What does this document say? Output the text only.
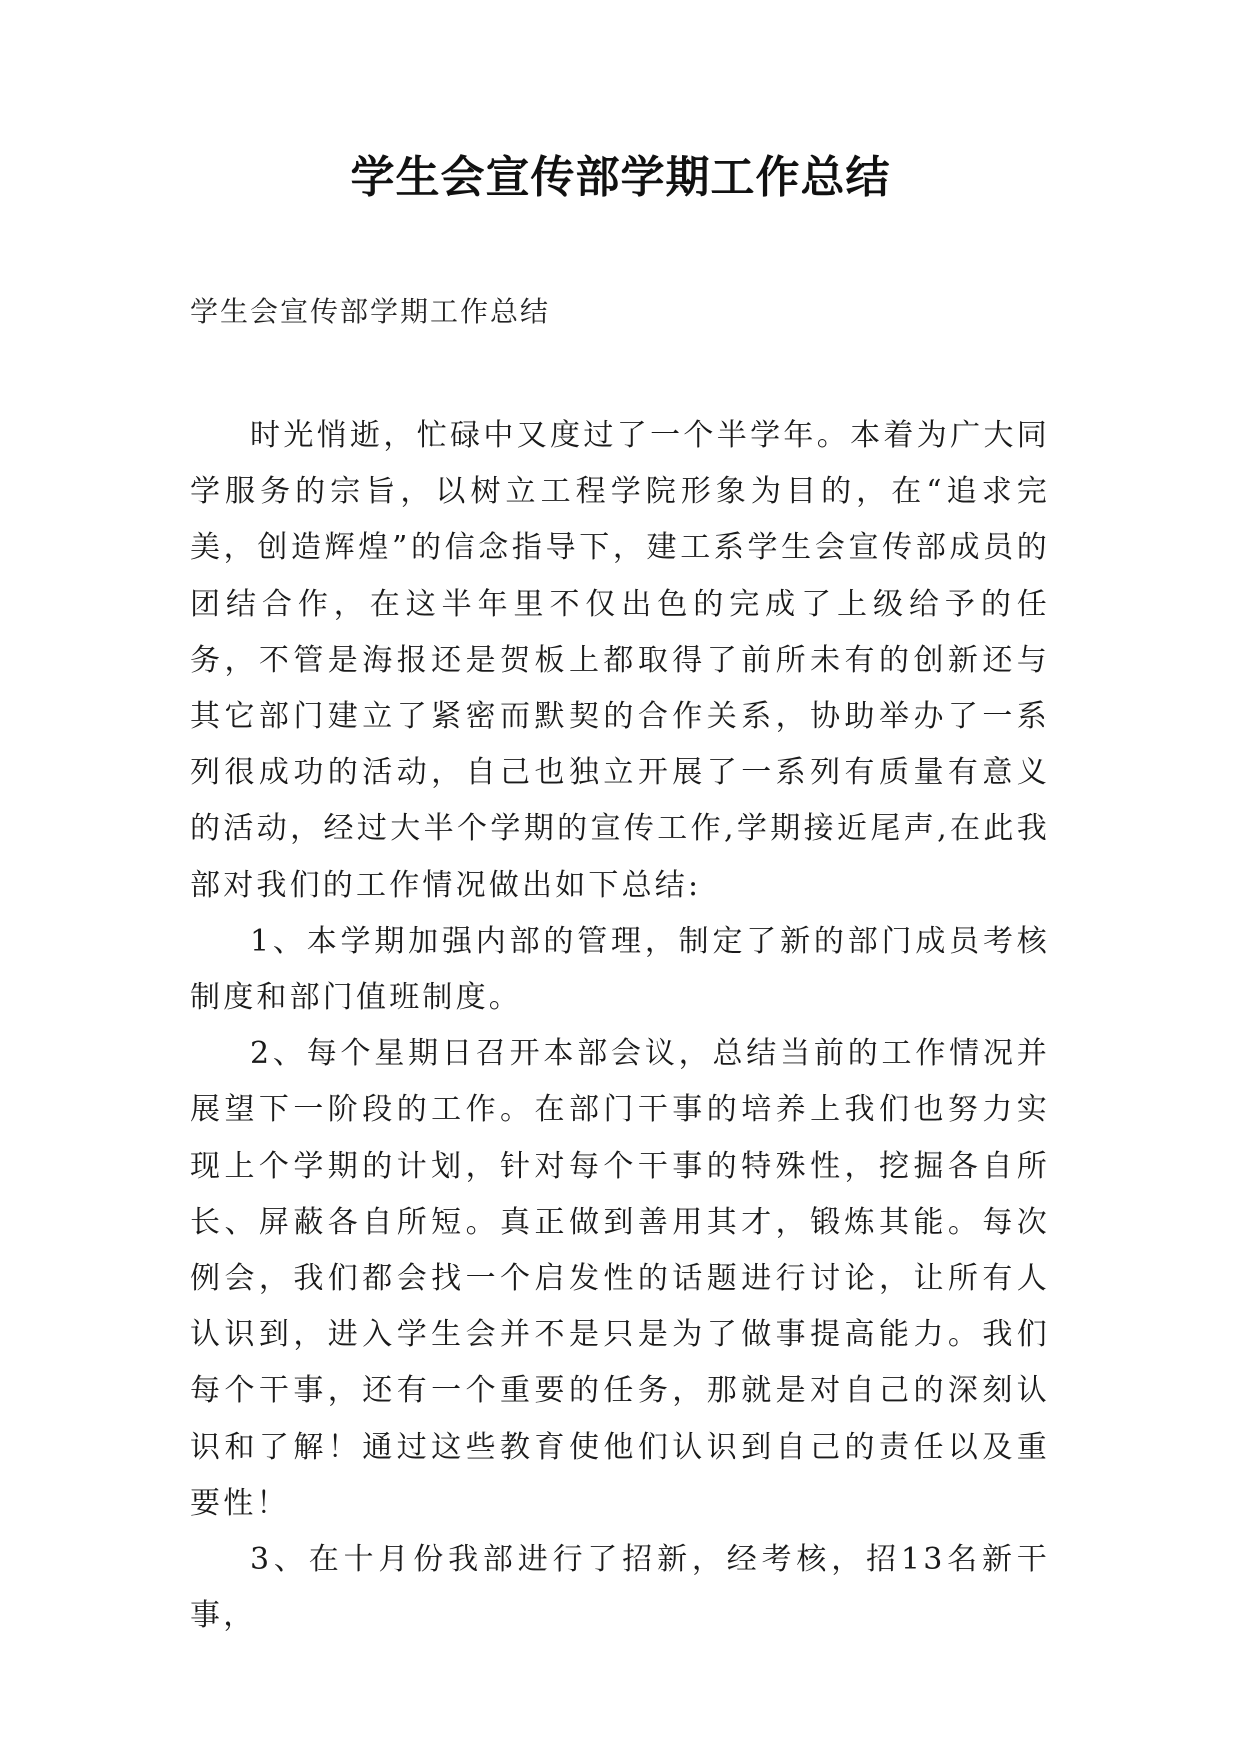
学生会宣传部学期工作总结

学生会宣传部学期工作总结

时光悄逝，忙碌中又度过了一个半学年。本着为广大同学服务的宗旨，以树立工程学院形象为目的，在“追求完美，创造辉煌”的信念指导下，建工系学生会宣传部成员的团结合作，在这半年里不仅出色的完成了上级给予的任务，不管是海报还是贺板上都取得了前所未有的创新还与其它部门建立了紧密而默契的合作关系，协助举办了一系列很成功的活动，自己也独立开展了一系列有质量有意义的活动，经过大半个学期的宣传工作,学期接近尾声,在此我部对我们的工作情况做出如下总结:

1、本学期加强内部的管理，制定了新的部门成员考核制度和部门值班制度。

2、每个星期日召开本部会议，总结当前的工作情况并展望下一阶段的工作。在部门干事的培养上我们也努力实现上个学期的计划，针对每个干事的特殊性，挖掘各自所长、屏蔽各自所短。真正做到善用其才，锻炼其能。每次例会，我们都会找一个启发性的话题进行讨论，让所有人认识到，进入学生会并不是只是为了做事提高能力。我们每个干事，还有一个重要的任务，那就是对自己的深刻认识和了解！通过这些教育使他们认识到自己的责任以及重要性！

3、在十月份我部进行了招新，经考核，招13名新干事，
